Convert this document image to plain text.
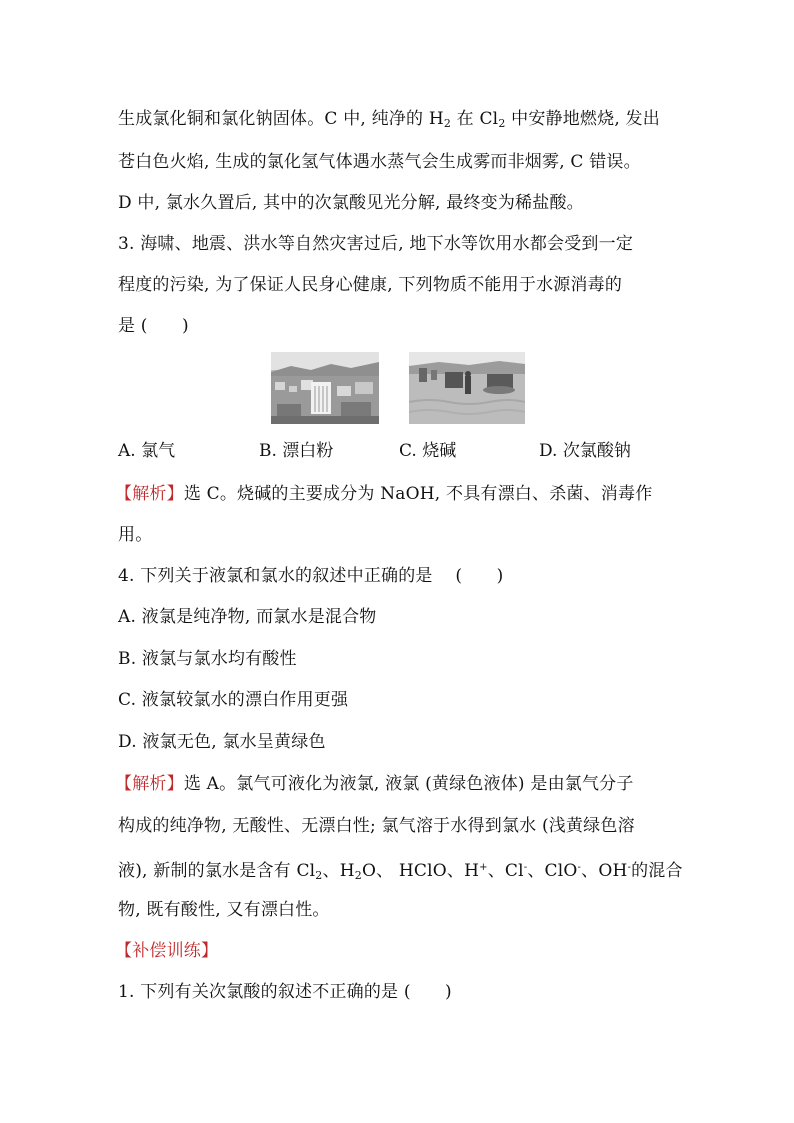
生成氯化铜和氯化钠固体。C 中, 纯净的 $H_2$ 在 $Cl_2$ 中安静地燃烧, 发出
苍白色火焰, 生成的氯化氢气体遇水蒸气会生成雾而非烟雾, C 错误。
D 中, 氯水久置后, 其中的次氯酸见光分解, 最终变为稀盐酸。
3. 海啸、地震、洪水等自然灾害过后, 地下水等饮用水都会受到一定
程度的污染, 为了保证人民身心健康, 下列物质不能用于水源消毒的
是 (　　)
A. 氯气	B. 漂白粉	C. 烧碱	D. 次氯酸钠
【解析】选 C。烧碱的主要成分为 NaOH, 不具有漂白、杀菌、消毒作
用。
4. 下列关于液氯和氯水的叙述中正确的是　 (　　)
A. 液氯是纯净物, 而氯水是混合物
B. 液氯与氯水均有酸性
C. 液氯较氯水的漂白作用更强
D. 液氯无色, 氯水呈黄绿色
【解析】选 A。氯气可液化为液氯, 液氯 (黄绿色液体) 是由氯气分子
构成的纯净物, 无酸性、无漂白性; 氯气溶于水得到氯水 (浅黄绿色溶
液), 新制的氯水是含有 $Cl_2$、$H_2O$、 HClO、H+、Cl-、ClO-、OH-的混合
物, 既有酸性, 又有漂白性。
【补偿训练】
1. 下列有关次氯酸的叙述不正确的是 (　　)
